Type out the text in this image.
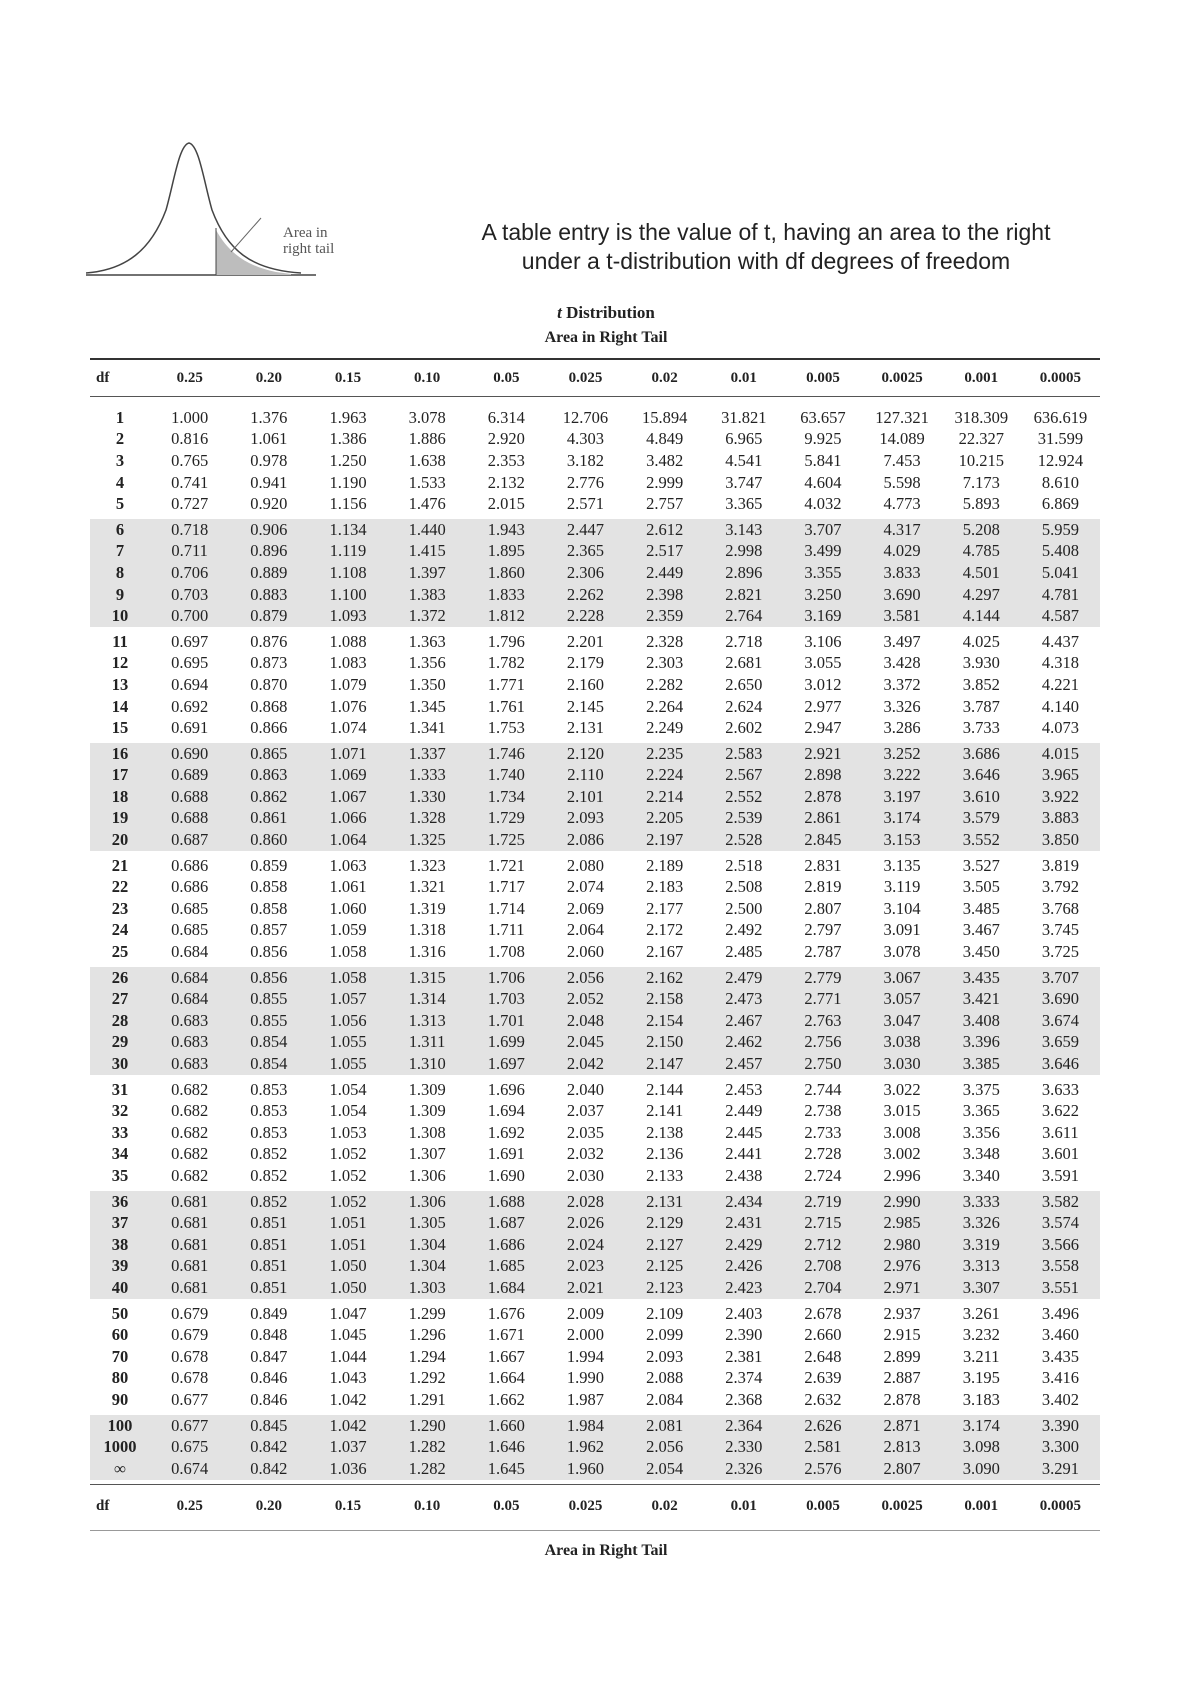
Area in
right tail
A table entry is the value of t, having an area to the right
under a t-distribution with df degrees of freedom
t Distribution
Area in Right Tail
df	0.25	0.20	0.15	0.10	0.05	0.025	0.02	0.01	0.005	0.0025	0.001	0.0005
1	1.000	1.376	1.963	3.078	6.314	12.706	15.894	31.821	63.657	127.321	318.309	636.619
2	0.816	1.061	1.386	1.886	2.920	4.303	4.849	6.965	9.925	14.089	22.327	31.599
3	0.765	0.978	1.250	1.638	2.353	3.182	3.482	4.541	5.841	7.453	10.215	12.924
4	0.741	0.941	1.190	1.533	2.132	2.776	2.999	3.747	4.604	5.598	7.173	8.610
5	0.727	0.920	1.156	1.476	2.015	2.571	2.757	3.365	4.032	4.773	5.893	6.869
6	0.718	0.906	1.134	1.440	1.943	2.447	2.612	3.143	3.707	4.317	5.208	5.959
7	0.711	0.896	1.119	1.415	1.895	2.365	2.517	2.998	3.499	4.029	4.785	5.408
8	0.706	0.889	1.108	1.397	1.860	2.306	2.449	2.896	3.355	3.833	4.501	5.041
9	0.703	0.883	1.100	1.383	1.833	2.262	2.398	2.821	3.250	3.690	4.297	4.781
10	0.700	0.879	1.093	1.372	1.812	2.228	2.359	2.764	3.169	3.581	4.144	4.587
11	0.697	0.876	1.088	1.363	1.796	2.201	2.328	2.718	3.106	3.497	4.025	4.437
12	0.695	0.873	1.083	1.356	1.782	2.179	2.303	2.681	3.055	3.428	3.930	4.318
13	0.694	0.870	1.079	1.350	1.771	2.160	2.282	2.650	3.012	3.372	3.852	4.221
14	0.692	0.868	1.076	1.345	1.761	2.145	2.264	2.624	2.977	3.326	3.787	4.140
15	0.691	0.866	1.074	1.341	1.753	2.131	2.249	2.602	2.947	3.286	3.733	4.073
16	0.690	0.865	1.071	1.337	1.746	2.120	2.235	2.583	2.921	3.252	3.686	4.015
17	0.689	0.863	1.069	1.333	1.740	2.110	2.224	2.567	2.898	3.222	3.646	3.965
18	0.688	0.862	1.067	1.330	1.734	2.101	2.214	2.552	2.878	3.197	3.610	3.922
19	0.688	0.861	1.066	1.328	1.729	2.093	2.205	2.539	2.861	3.174	3.579	3.883
20	0.687	0.860	1.064	1.325	1.725	2.086	2.197	2.528	2.845	3.153	3.552	3.850
21	0.686	0.859	1.063	1.323	1.721	2.080	2.189	2.518	2.831	3.135	3.527	3.819
22	0.686	0.858	1.061	1.321	1.717	2.074	2.183	2.508	2.819	3.119	3.505	3.792
23	0.685	0.858	1.060	1.319	1.714	2.069	2.177	2.500	2.807	3.104	3.485	3.768
24	0.685	0.857	1.059	1.318	1.711	2.064	2.172	2.492	2.797	3.091	3.467	3.745
25	0.684	0.856	1.058	1.316	1.708	2.060	2.167	2.485	2.787	3.078	3.450	3.725
26	0.684	0.856	1.058	1.315	1.706	2.056	2.162	2.479	2.779	3.067	3.435	3.707
27	0.684	0.855	1.057	1.314	1.703	2.052	2.158	2.473	2.771	3.057	3.421	3.690
28	0.683	0.855	1.056	1.313	1.701	2.048	2.154	2.467	2.763	3.047	3.408	3.674
29	0.683	0.854	1.055	1.311	1.699	2.045	2.150	2.462	2.756	3.038	3.396	3.659
30	0.683	0.854	1.055	1.310	1.697	2.042	2.147	2.457	2.750	3.030	3.385	3.646
31	0.682	0.853	1.054	1.309	1.696	2.040	2.144	2.453	2.744	3.022	3.375	3.633
32	0.682	0.853	1.054	1.309	1.694	2.037	2.141	2.449	2.738	3.015	3.365	3.622
33	0.682	0.853	1.053	1.308	1.692	2.035	2.138	2.445	2.733	3.008	3.356	3.611
34	0.682	0.852	1.052	1.307	1.691	2.032	2.136	2.441	2.728	3.002	3.348	3.601
35	0.682	0.852	1.052	1.306	1.690	2.030	2.133	2.438	2.724	2.996	3.340	3.591
36	0.681	0.852	1.052	1.306	1.688	2.028	2.131	2.434	2.719	2.990	3.333	3.582
37	0.681	0.851	1.051	1.305	1.687	2.026	2.129	2.431	2.715	2.985	3.326	3.574
38	0.681	0.851	1.051	1.304	1.686	2.024	2.127	2.429	2.712	2.980	3.319	3.566
39	0.681	0.851	1.050	1.304	1.685	2.023	2.125	2.426	2.708	2.976	3.313	3.558
40	0.681	0.851	1.050	1.303	1.684	2.021	2.123	2.423	2.704	2.971	3.307	3.551
50	0.679	0.849	1.047	1.299	1.676	2.009	2.109	2.403	2.678	2.937	3.261	3.496
60	0.679	0.848	1.045	1.296	1.671	2.000	2.099	2.390	2.660	2.915	3.232	3.460
70	0.678	0.847	1.044	1.294	1.667	1.994	2.093	2.381	2.648	2.899	3.211	3.435
80	0.678	0.846	1.043	1.292	1.664	1.990	2.088	2.374	2.639	2.887	3.195	3.416
90	0.677	0.846	1.042	1.291	1.662	1.987	2.084	2.368	2.632	2.878	3.183	3.402
100	0.677	0.845	1.042	1.290	1.660	1.984	2.081	2.364	2.626	2.871	3.174	3.390
1000	0.675	0.842	1.037	1.282	1.646	1.962	2.056	2.330	2.581	2.813	3.098	3.300
∞	0.674	0.842	1.036	1.282	1.645	1.960	2.054	2.326	2.576	2.807	3.090	3.291
df	0.25	0.20	0.15	0.10	0.05	0.025	0.02	0.01	0.005	0.0025	0.001	0.0005
Area in Right Tail
